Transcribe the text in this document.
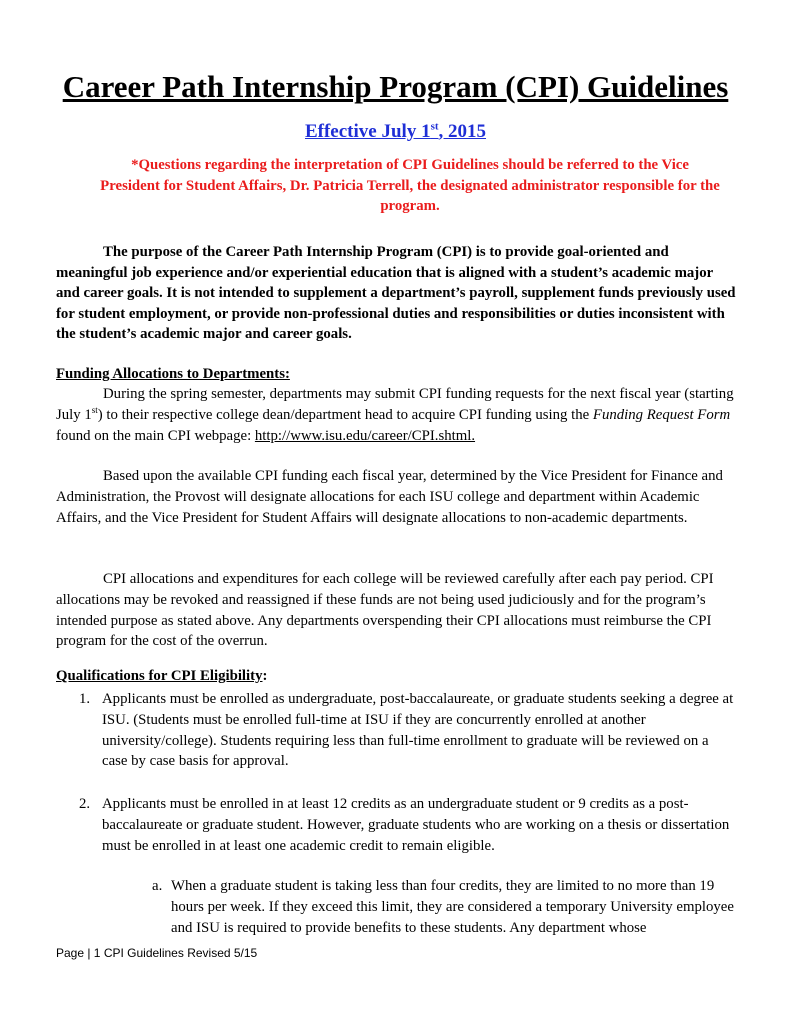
Career Path Internship Program (CPI) Guidelines
Effective July 1st, 2015
*Questions regarding the interpretation of CPI Guidelines should be referred to the Vice President for Student Affairs, Dr. Patricia Terrell, the designated administrator responsible for the program.
The purpose of the Career Path Internship Program (CPI) is to provide goal-oriented and meaningful job experience and/or experiential education that is aligned with a student’s academic major and career goals. It is not intended to supplement a department’s payroll, supplement funds previously used for student employment, or provide non-professional duties and responsibilities or duties inconsistent with the student’s academic major and career goals.
Funding Allocations to Departments:
During the spring semester, departments may submit CPI funding requests for the next fiscal year (starting July 1st) to their respective college dean/department head to acquire CPI funding using the Funding Request Form found on the main CPI webpage: http://www.isu.edu/career/CPI.shtml.
Based upon the available CPI funding each fiscal year, determined by the Vice President for Finance and Administration, the Provost will designate allocations for each ISU college and department within Academic Affairs, and the Vice President for Student Affairs will designate allocations to non-academic departments.
CPI allocations and expenditures for each college will be reviewed carefully after each pay period. CPI allocations may be revoked and reassigned if these funds are not being used judiciously and for the program’s intended purpose as stated above. Any departments overspending their CPI allocations must reimburse the CPI program for the cost of the overrun.
Qualifications for CPI Eligibility:
1. Applicants must be enrolled as undergraduate, post-baccalaureate, or graduate students seeking a degree at ISU. (Students must be enrolled full-time at ISU if they are concurrently enrolled at another university/college). Students requiring less than full-time enrollment to graduate will be reviewed on a case by case basis for approval.
2. Applicants must be enrolled in at least 12 credits as an undergraduate student or 9 credits as a post-baccalaureate or graduate student. However, graduate students who are working on a thesis or dissertation must be enrolled in at least one academic credit to remain eligible.
a. When a graduate student is taking less than four credits, they are limited to no more than 19 hours per week. If they exceed this limit, they are considered a temporary University employee and ISU is required to provide benefits to these students. Any department whose
Page | 1 CPI Guidelines Revised 5/15
